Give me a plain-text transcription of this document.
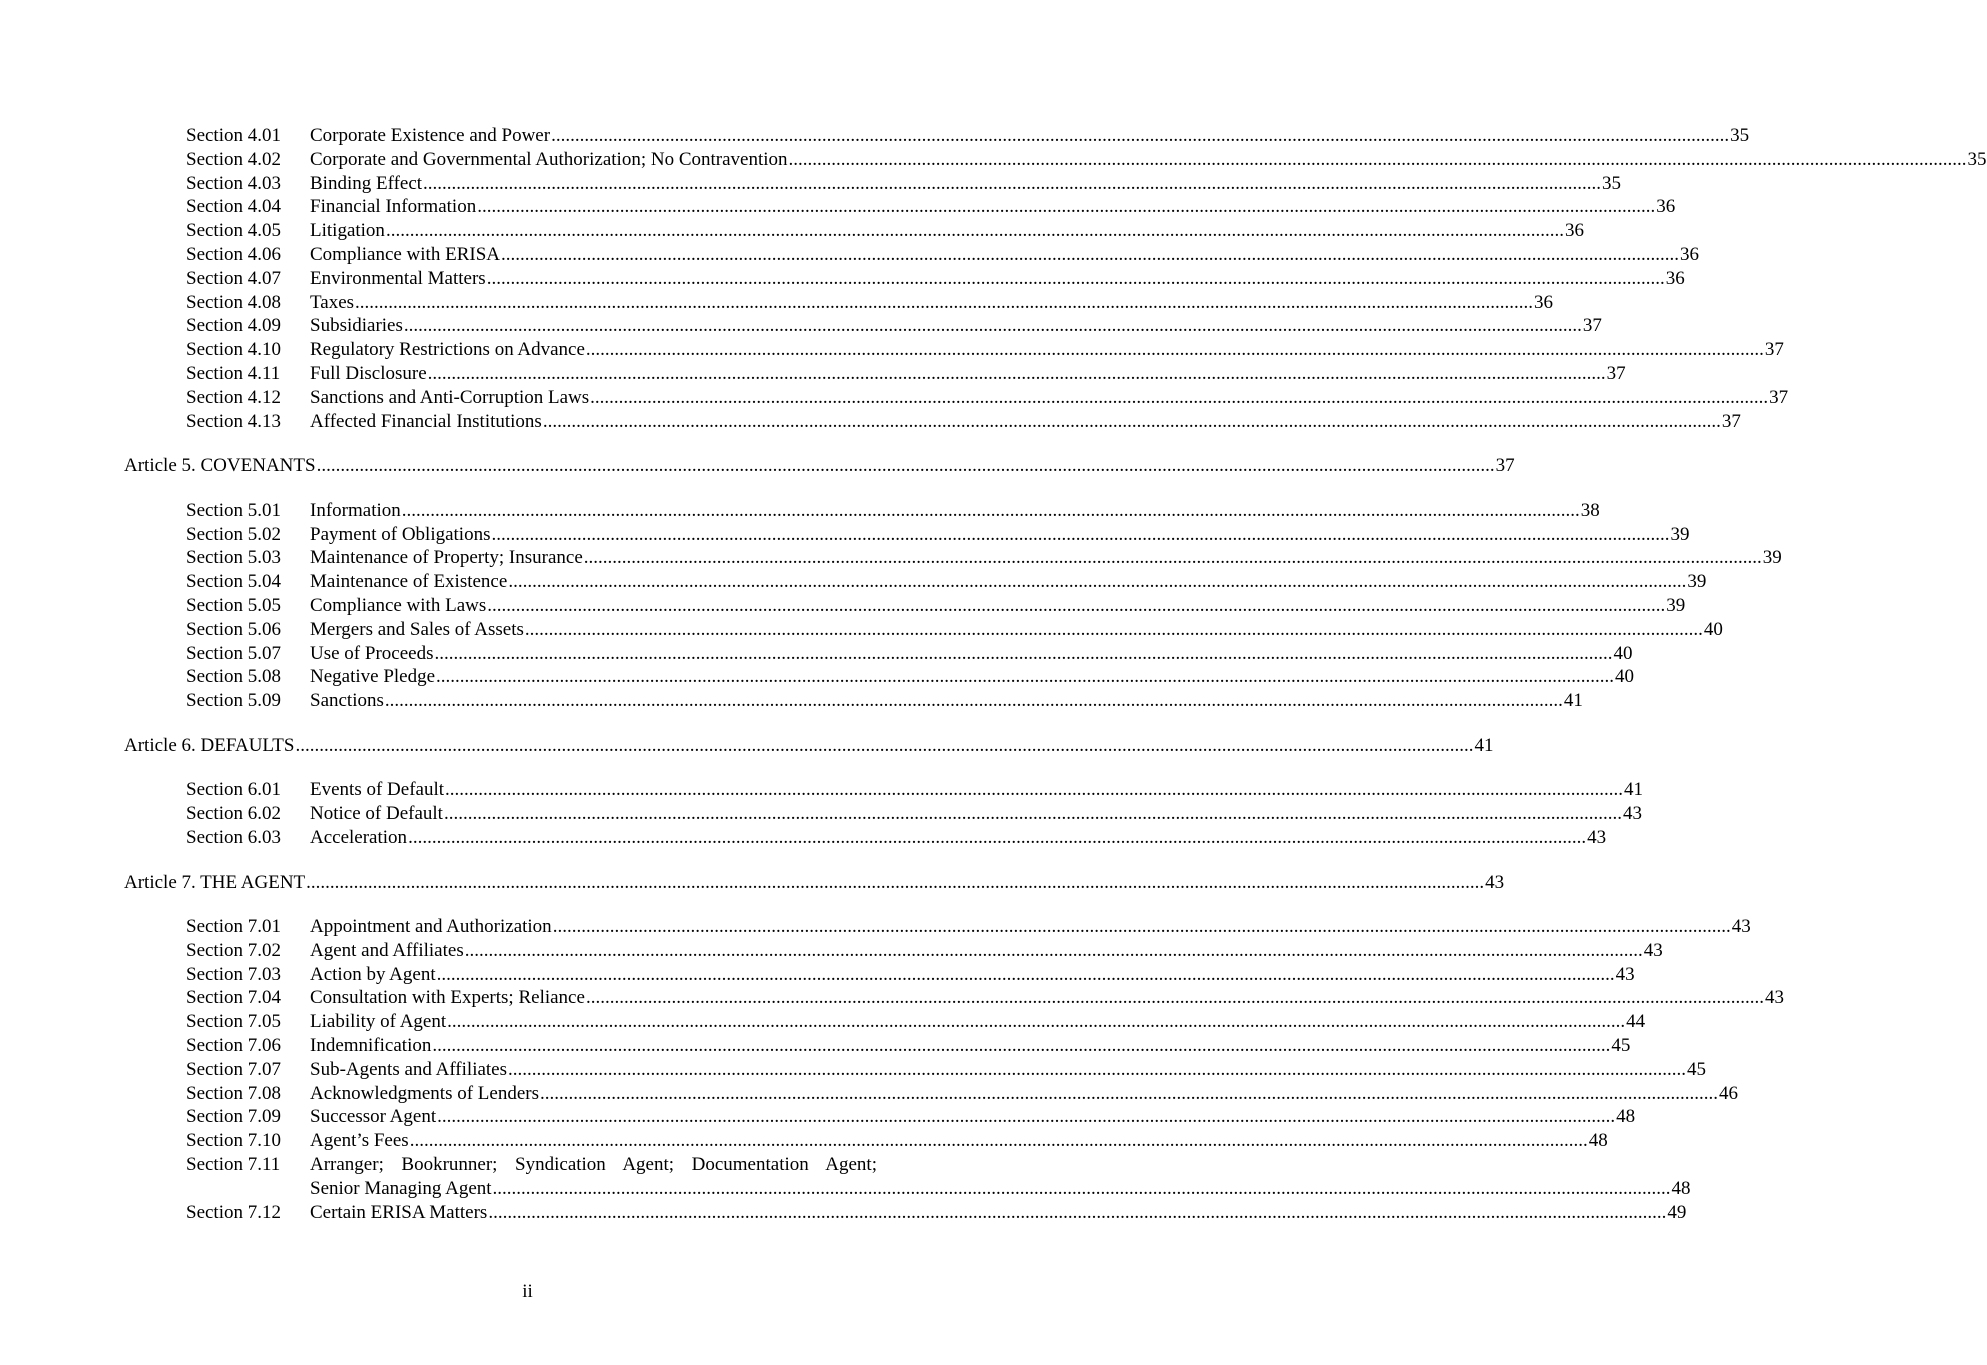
Section 4.01	Corporate Existence and Power .....	35
Section 4.02	Corporate and Governmental Authorization; No Contravention .....	35
Section 4.03	Binding Effect .....	35
Section 4.04	Financial Information .....	36
Section 4.05	Litigation .....	36
Section 4.06	Compliance with ERISA .....	36
Section 4.07	Environmental Matters .....	36
Section 4.08	Taxes .....	36
Section 4.09	Subsidiaries .....	37
Section 4.10	Regulatory Restrictions on Advance .....	37
Section 4.11	Full Disclosure .....	37
Section 4.12	Sanctions and Anti-Corruption Laws .....	37
Section 4.13	Affected Financial Institutions .....	37
Article 5. COVENANTS .....	37
Section 5.01	Information .....	38
Section 5.02	Payment of Obligations .....	39
Section 5.03	Maintenance of Property; Insurance .....	39
Section 5.04	Maintenance of Existence .....	39
Section 5.05	Compliance with Laws .....	39
Section 5.06	Mergers and Sales of Assets .....	40
Section 5.07	Use of Proceeds .....	40
Section 5.08	Negative Pledge .....	40
Section 5.09	Sanctions .....	41
Article 6. DEFAULTS .....	41
Section 6.01	Events of Default .....	41
Section 6.02	Notice of Default .....	43
Section 6.03	Acceleration .....	43
Article 7. THE AGENT .....	43
Section 7.01	Appointment and Authorization .....	43
Section 7.02	Agent and Affiliates .....	43
Section 7.03	Action by Agent .....	43
Section 7.04	Consultation with Experts; Reliance .....	43
Section 7.05	Liability of Agent .....	44
Section 7.06	Indemnification .....	45
Section 7.07	Sub-Agents and Affiliates .....	45
Section 7.08	Acknowledgments of Lenders .....	46
Section 7.09	Successor Agent .....	48
Section 7.10	Agent’s Fees .....	48
Section 7.11	Arranger; Bookrunner; Syndication Agent; Documentation Agent;
Senior Managing Agent .....	48
Section 7.12	Certain ERISA Matters .....	49
ii
